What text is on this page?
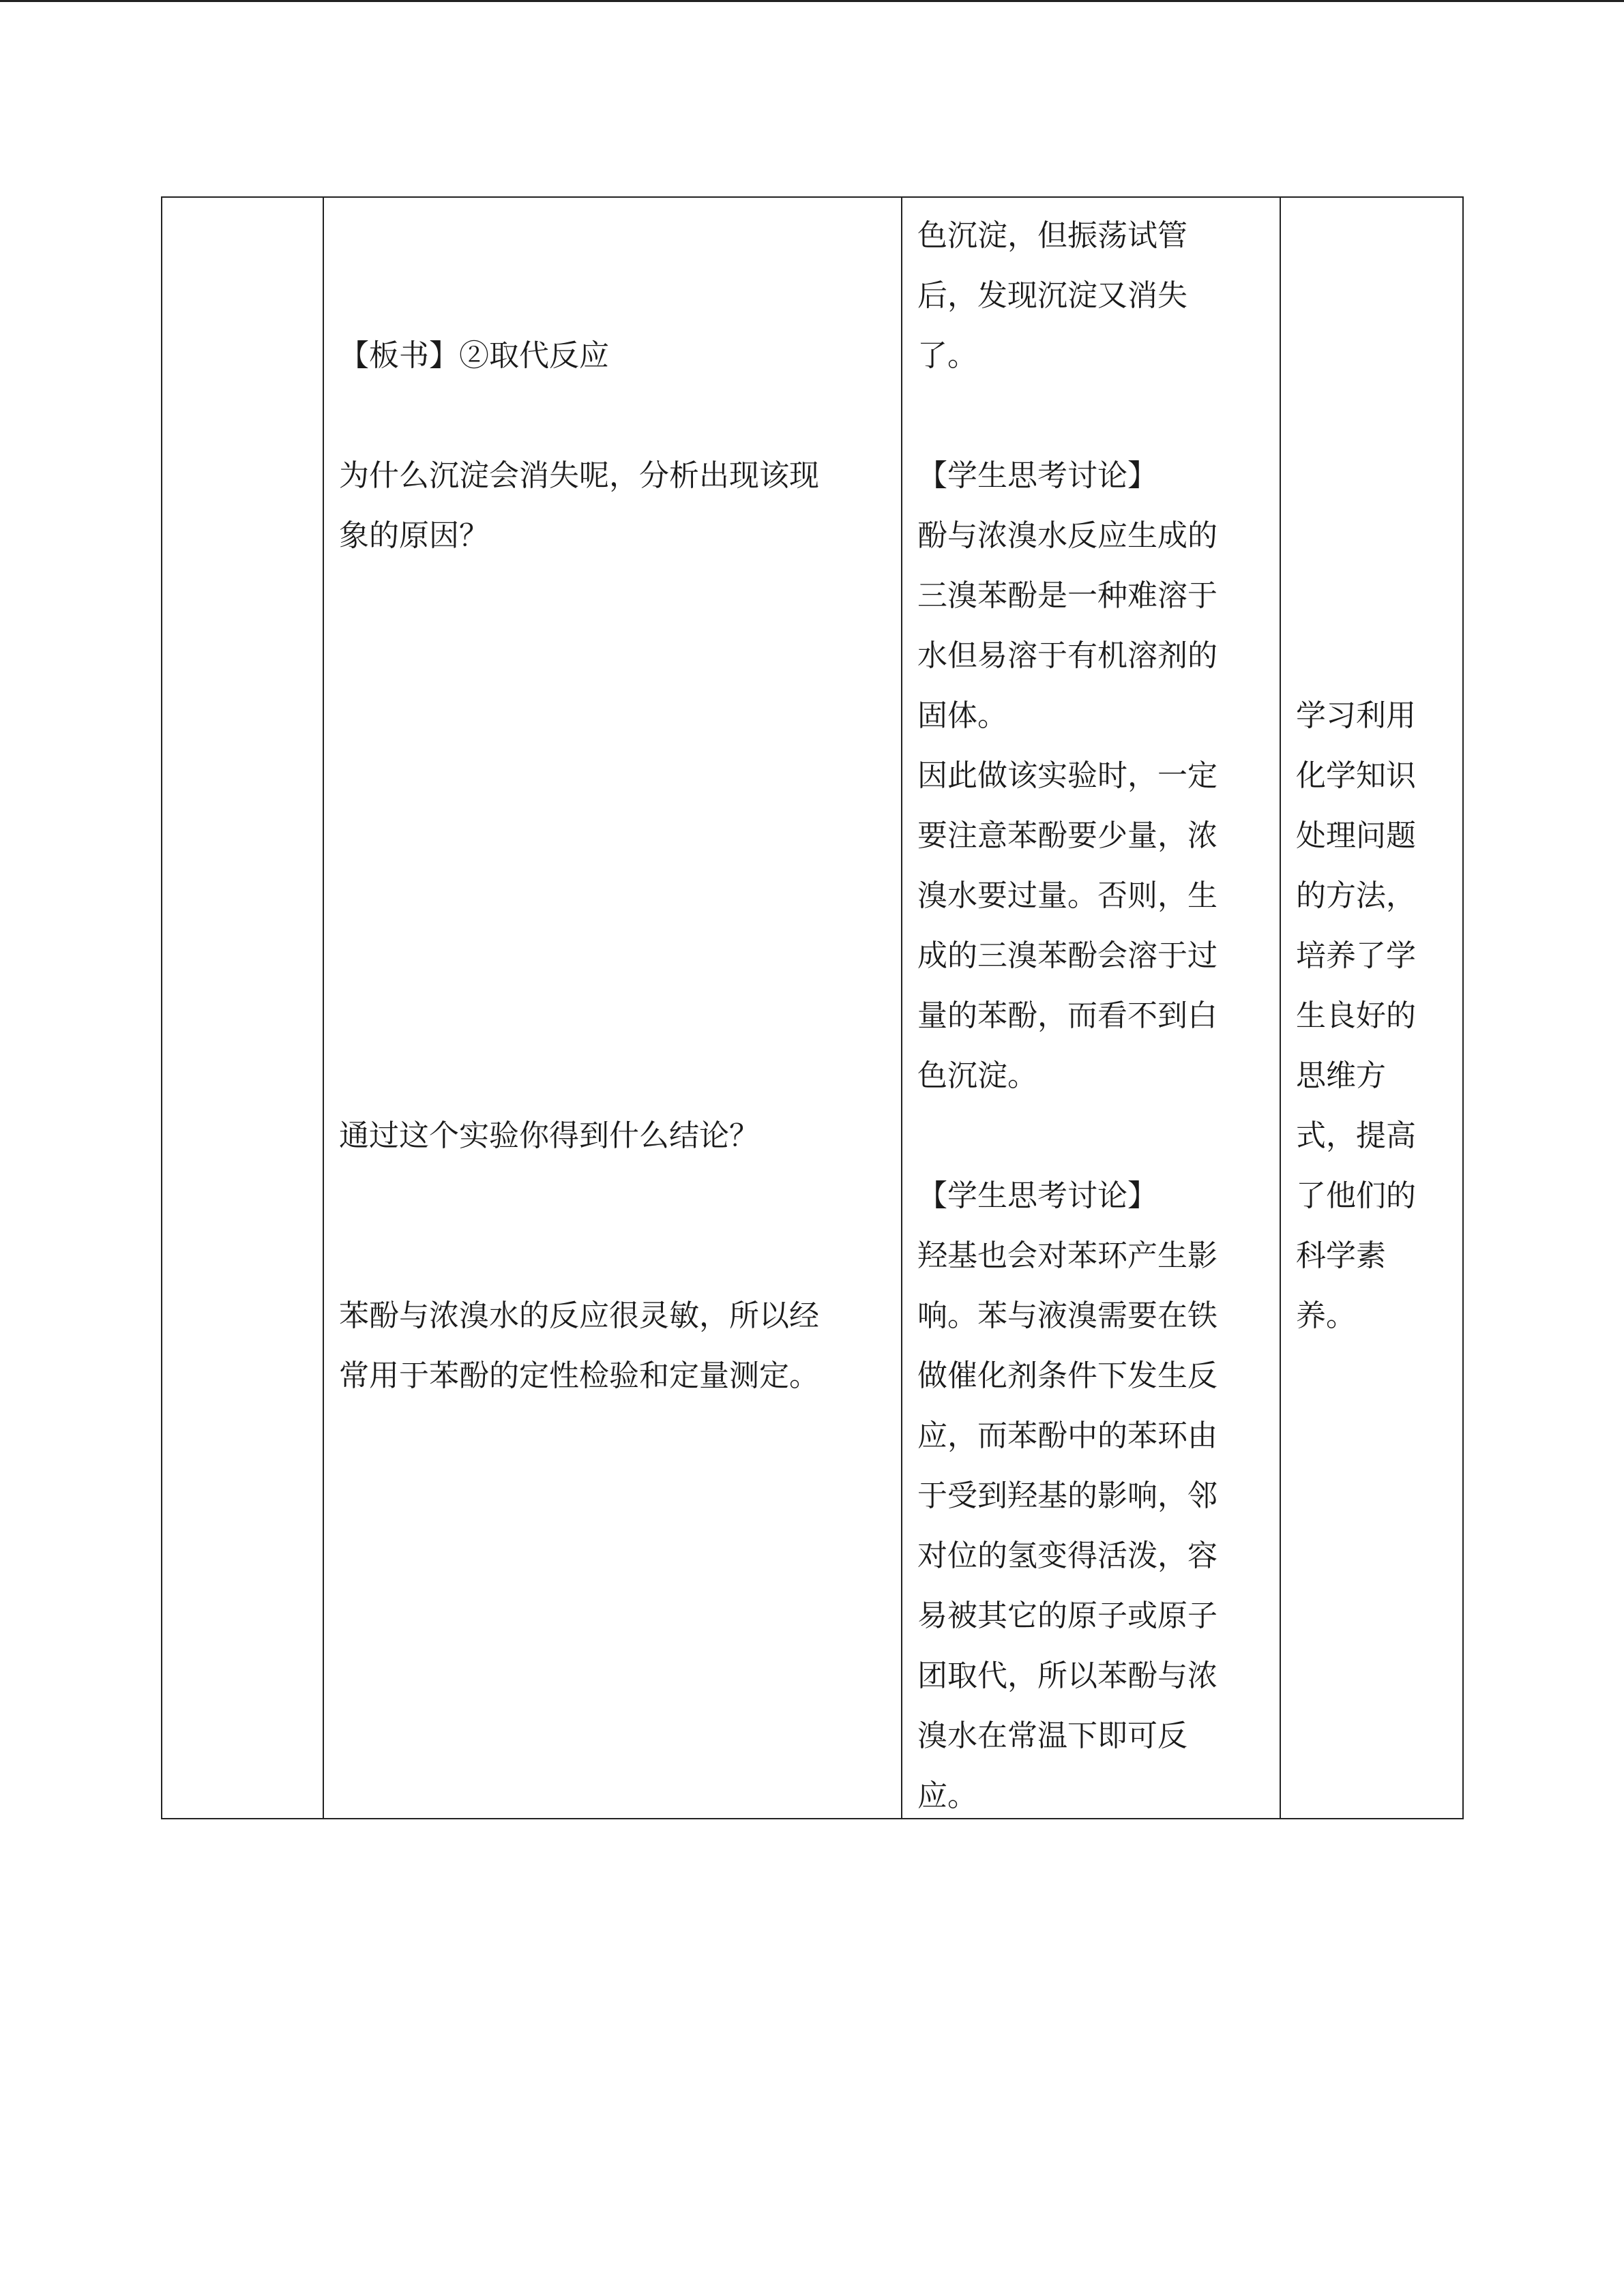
【板书】②取代反应
为什么沉淀会消失呢，分析出现该现
象的原因？
通过这个实验你得到什么结论？
苯酚与浓溴水的反应很灵敏，所以经
常用于苯酚的定性检验和定量测定。

色沉淀，但振荡试管
后，发现沉淀又消失
了。
【学生思考讨论】
酚与浓溴水反应生成的
三溴苯酚是一种难溶于
水但易溶于有机溶剂的
固体。
因此做该实验时，一定
要注意苯酚要少量，浓
溴水要过量。否则，生
成的三溴苯酚会溶于过
量的苯酚，而看不到白
色沉淀。
【学生思考讨论】
羟基也会对苯环产生影
响。苯与液溴需要在铁
做催化剂条件下发生反
应，而苯酚中的苯环由
于受到羟基的影响，邻
对位的氢变得活泼，容
易被其它的原子或原子
团取代，所以苯酚与浓
溴水在常温下即可反
应。

学习利用
化学知识
处理问题
的方法，
培养了学
生良好的
思维方
式，提高
了他们的
科学素
养。
